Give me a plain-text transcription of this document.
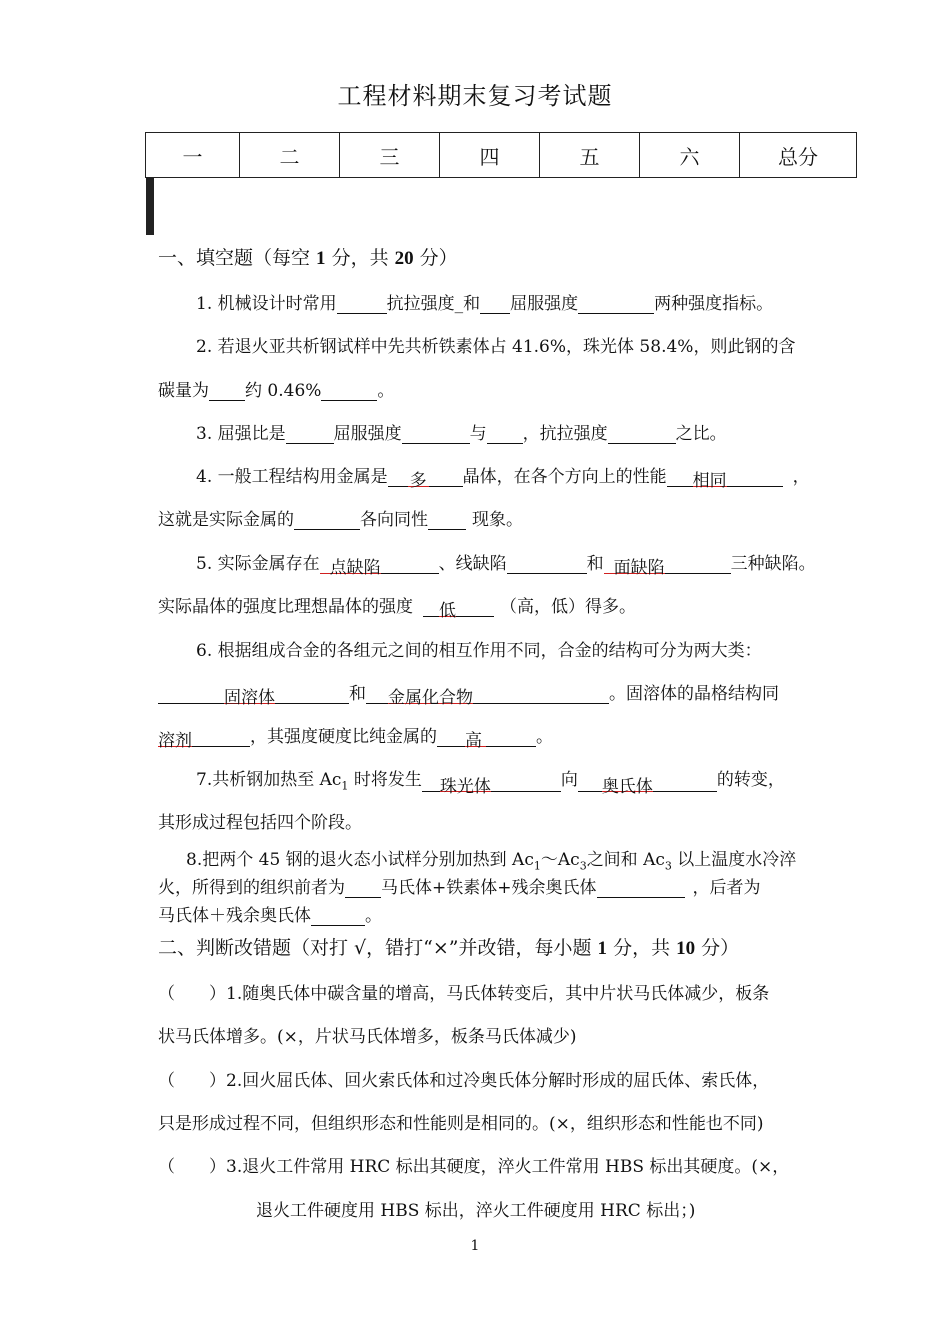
工程材料期末复习考试题
一	二	三	四	五	六	总分

一、填空题（每空 1 分，共 20 分）
1. 机械设计时常用	抗拉强度_和 屈服强度	两种强度指标。
2. 若退火亚共析钢试样中先共析铁素体占 41.6%，珠光体 58.4%，则此钢的含
碳量为 约 0.46%	。
3. 屈强比是	屈服强度	与 ，抗拉强度	之比。
4. 一般工程结构用金属是 多 晶体，在各个方向上的性能 相同	，
这就是实际金属的	各向同性	现象。
5. 实际金属存在 点缺陷	、线缺陷	和 面缺陷	三种缺陷。
实际晶体的强度比理想晶体的强度 低	（高，低）得多。
6. 根据组成合金的各组元之间的相互作用不同，合金的结构可分为两大类：
固溶体	和 金属化合物	。固溶体的晶格结构同
溶剂	，其强度硬度比纯金属的 高	。
7.共析钢加热至 $Ac_1$ 时将发生 珠光体	向 奥氏体	的转变，
其形成过程包括四个阶段。
8.把两个 45 钢的退火态小试样分别加热到 $Ac_1\sim Ac_3$之间和 $Ac_3$ 以上温度水冷淬
火，所得到的组织前者为 马氏体+铁素体+残余奥氏体	，后者为
马氏体＋残余奥氏体	。
二、判断改错题（对打 √，错打“×”并改错，每小题 1 分，共 10 分）
（　　）1.随奥氏体中碳含量的增高，马氏体转变后，其中片状马氏体减少，板条
状马氏体增多。(×，片状马氏体增多，板条马氏体减少)
（　　）2.回火屈氏体、回火索氏体和过冷奥氏体分解时形成的屈氏体、索氏体，
只是形成过程不同，但组织形态和性能则是相同的。(×，组织形态和性能也不同)
（　　）3.退火工件常用 HRC 标出其硬度，淬火工件常用 HBS 标出其硬度。(×，
退火工件硬度用 HBS 标出，淬火工件硬度用 HRC 标出；)
1
